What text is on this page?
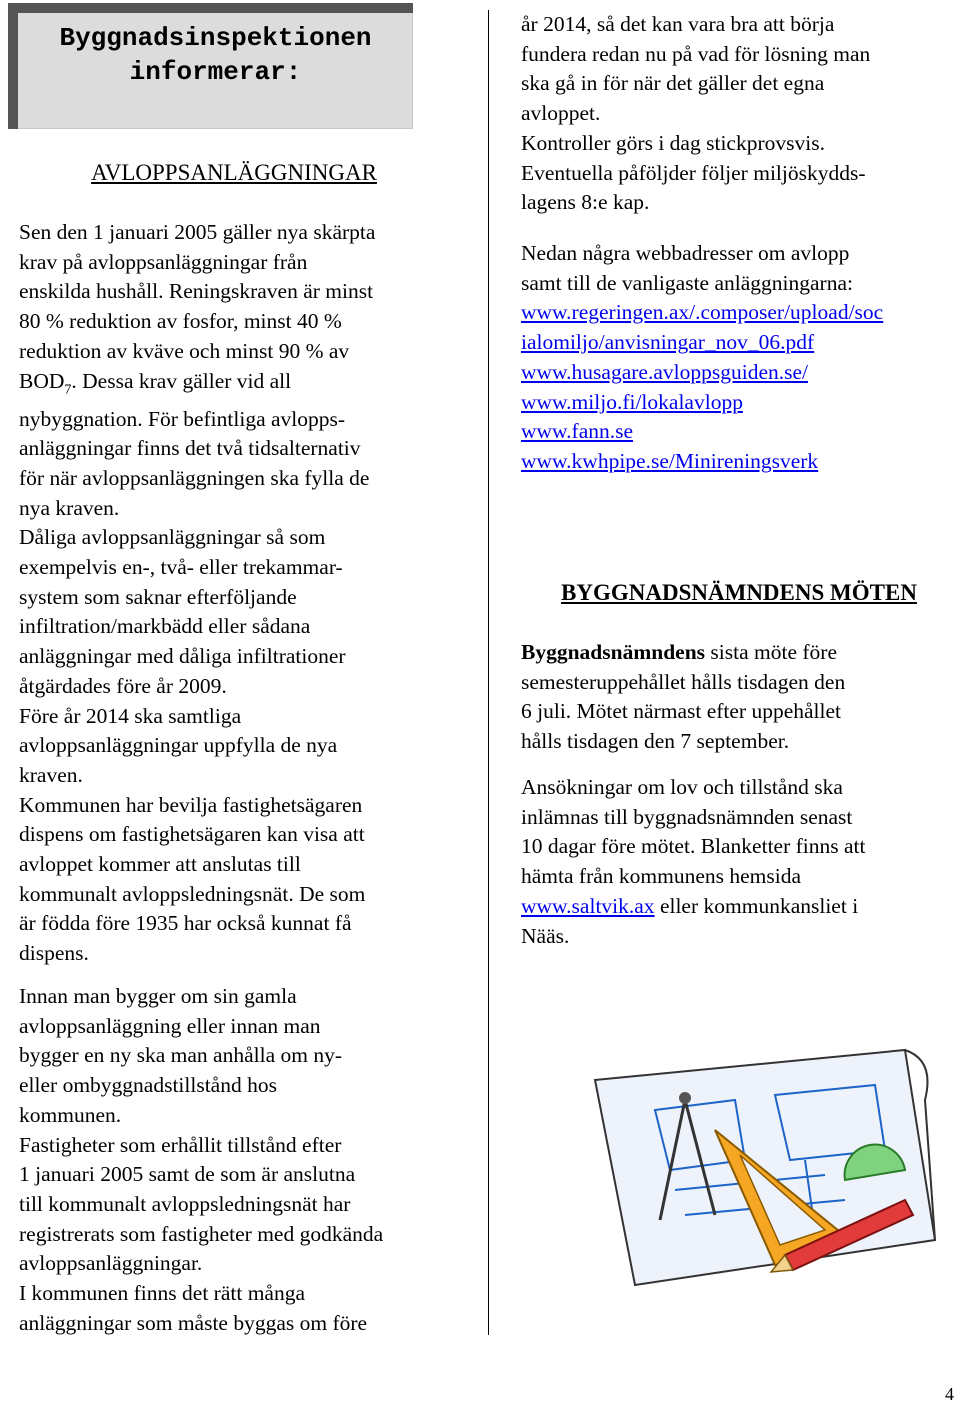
Byggnadsinspektionen
informerar:
AVLOPPSANLÄGGNINGAR
Sen den 1 januari 2005 gäller nya skärpta
krav på avloppsanläggningar från
enskilda hushåll. Reningskraven är minst
80 % reduktion av fosfor, minst 40 %
reduktion av kväve och minst 90 % av
$BOD_7$. Dessa krav gäller vid all
nybyggnation. För befintliga avlopps-
anläggningar finns det två tidsalternativ
för när avloppsanläggningen ska fylla de
nya kraven.
Dåliga avloppsanläggningar så som
exempelvis en-, två- eller trekammar-
system som saknar efterföljande
infiltration/markbädd eller sådana
anläggningar med dåliga infiltrationer
åtgärdades före år 2009.
Före år 2014 ska samtliga
avloppsanläggningar uppfylla de nya
kraven.
Kommunen har bevilja fastighetsägaren
dispens om fastighetsägaren kan visa att
avloppet kommer att anslutas till
kommunalt avloppsledningsnät. De som
är födda före 1935 har också kunnat få
dispens.
Innan man bygger om sin gamla
avloppsanläggning eller innan man
bygger en ny ska man anhålla om ny-
eller ombyggnadstillstånd hos
kommunen.
Fastigheter som erhållit tillstånd efter
1 januari 2005 samt de som är anslutna
till kommunalt avloppsledningsnät har
registrerats som fastigheter med godkända
avloppsanläggningar.
I kommunen finns det rätt många
anläggningar som måste byggas om före
år 2014, så det kan vara bra att börja
fundera redan nu på vad för lösning man
ska gå in för när det gäller det egna
avloppet.
Kontroller görs i dag stickprovsvis.
Eventuella påföljder följer miljöskydds-
lagens 8:e kap.
Nedan några webbadresser om avlopp
samt till de vanligaste anläggningarna:
www.regeringen.ax/.composer/upload/soc
ialomiljo/anvisningar_nov_06.pdf
www.husagare.avloppsguiden.se/
www.miljo.fi/lokalavlopp
www.fann.se
www.kwhpipe.se/Minireningsverk
BYGGNADSNÄMNDENS MÖTEN
Byggnadsnämndens sista möte före
semesteruppehållet hålls tisdagen den
6 juli. Mötet närmast efter uppehållet
hålls tisdagen den 7 september.
Ansökningar om lov och tillstånd ska
inlämnas till byggnadsnämnden senast
10 dagar före mötet. Blanketter finns att
hämta från kommunens hemsida
www.saltvik.ax eller kommunkansliet i
Nääs.
4
